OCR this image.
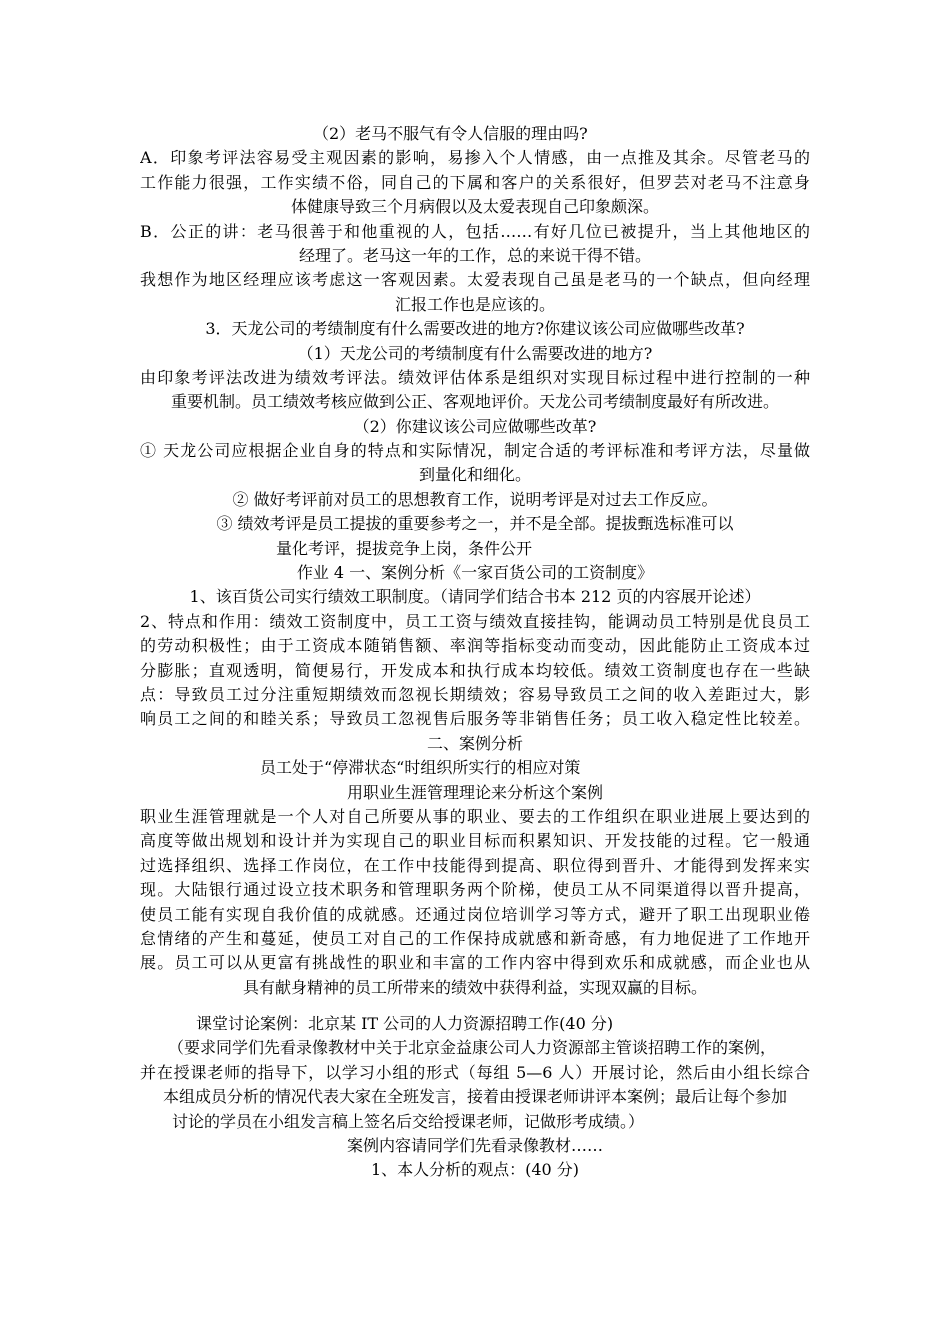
（2）老马不服气有令人信服的理由吗?
A．印象考评法容易受主观因素的影响，易掺入个人情感，由一点推及其余。尽管老马的
工作能力很强，工作实绩不俗，同自己的下属和客户的关系很好，但罗芸对老马不注意身
体健康导致三个月病假以及太爱表现自己印象颇深。
B．公正的讲：老马很善于和他重视的人，包括……有好几位已被提升，当上其他地区的
经理了。老马这一年的工作，总的来说干得不错。
我想作为地区经理应该考虑这一客观因素。太爱表现自己虽是老马的一个缺点，但向经理
汇报工作也是应该的。
3．天龙公司的考绩制度有什么需要改进的地方?你建议该公司应做哪些改革?
（1）天龙公司的考绩制度有什么需要改进的地方?
由印象考评法改进为绩效考评法。绩效评估体系是组织对实现目标过程中进行控制的一种
重要机制。员工绩效考核应做到公正、客观地评价。天龙公司考绩制度最好有所改进。
（2）你建议该公司应做哪些改革?
① 天龙公司应根据企业自身的特点和实际情况，制定合适的考评标准和考评方法，尽量做
到量化和细化。
② 做好考评前对员工的思想教育工作，说明考评是对过去工作反应。
③ 绩效考评是员工提拔的重要参考之一，并不是全部。提拔甄选标准可以
量化考评，提拔竞争上岗，条件公开
作业 4 一、案例分析《一家百货公司的工资制度》
1、该百货公司实行绩效工职制度。（请同学们结合书本 212 页的内容展开论述）
2、特点和作用：绩效工资制度中，员工工资与绩效直接挂钩，能调动员工特别是优良员工
的劳动积极性；由于工资成本随销售额、率润等指标变动而变动，因此能防止工资成本过
分膨胀；直观透明，简便易行，开发成本和执行成本均较低。绩效工资制度也存在一些缺
点：导致员工过分注重短期绩效而忽视长期绩效；容易导致员工之间的收入差距过大，影
响员工之间的和睦关系；导致员工忽视售后服务等非销售任务；员工收入稳定性比较差。
二、案例分析
员工处于“停滞状态“时组织所实行的相应对策
用职业生涯管理理论来分析这个案例
职业生涯管理就是一个人对自己所要从事的职业、要去的工作组织在职业进展上要达到的
高度等做出规划和设计并为实现自己的职业目标而积累知识、开发技能的过程。它一般通
过选择组织、选择工作岗位，在工作中技能得到提高、职位得到晋升、才能得到发挥来实
现。大陆银行通过设立技术职务和管理职务两个阶梯，使员工从不同渠道得以晋升提高，
使员工能有实现自我价值的成就感。还通过岗位培训学习等方式，避开了职工出现职业倦
怠情绪的产生和蔓延，使员工对自己的工作保持成就感和新奇感，有力地促进了工作地开
展。员工可以从更富有挑战性的职业和丰富的工作内容中得到欢乐和成就感，而企业也从
具有献身精神的员工所带来的绩效中获得利益，实现双赢的目标。
课堂讨论案例：北京某 IT 公司的人力资源招聘工作(40 分)
（要求同学们先看录像教材中关于北京金益康公司人力资源部主管谈招聘工作的案例，
并在授课老师的指导下，以学习小组的形式（每组 5—6 人）开展讨论，然后由小组长综合
本组成员分析的情况代表大家在全班发言，接着由授课老师讲评本案例；最后让每个参加
讨论的学员在小组发言稿上签名后交给授课老师，记做形考成绩。）
案例内容请同学们先看录像教材……
1、本人分析的观点：(40 分)
